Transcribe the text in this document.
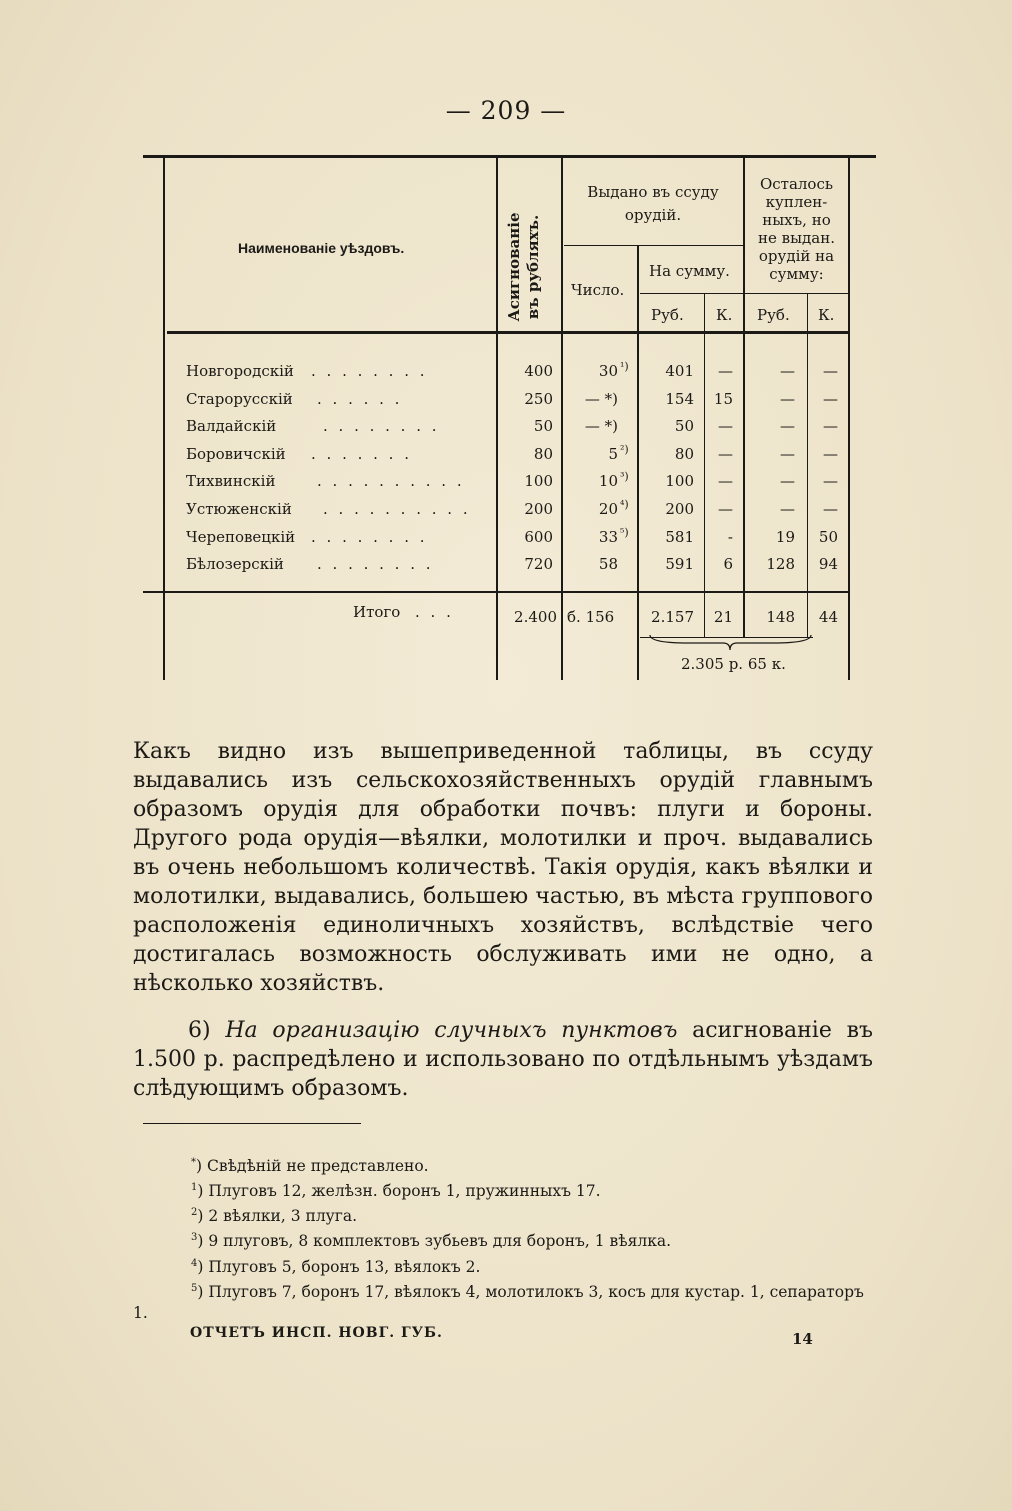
— 209 —
Наименованіе уѣздовъ.	Асигнованіе въ рубляхъ.
Выдано въ ссуду
орудій.
Число.
На сумму.
Осталось
куплен-
ныхъ, но
не выдан.
орудій на
сумму:
Руб. К. Руб. К.
Новгородскій . . . . . . . .	400	30 ¹)	401	—	—	—
Старорусскій . . . . . .	250	— *)	154	15	—	—
Валдайскій	. . . . . . . .	50	— *)	50	—	—	—
Боровичскій . . . . . . .	80	5 ²)	80	—	—	—
Тихвинскій	. . . . . . . . . .	100	10 ³)	100	—	—	—
Устюженскій . . . . . . . . . .	200	20 ⁴)	200	—	—	—
Череповецкій . . . . . . . .	600	33 ⁵)	581	-	19	50
Бѣлозерскій . . . . . . . .	720	58	591	6	128	94
Итого . . .	2.400 б. 156	2.157	21	148	44
2.305 р. 65 к.
Какъ видно изъ вышеприведенной таблицы, въ ссуду выдавались изъ сельскохозяйственныхъ орудій главнымъ образомъ орудія для обработки почвъ: плуги и бороны. Другого рода орудія—вѣялки, молотилки и проч. выдавались въ очень небольшомъ количествѣ. Такія орудія, какъ вѣялки и молотилки, выдавались, большею частью, въ мѣста группового расположенія единоличныхъ хозяйствъ, вслѣдствіе чего достигалась возможность обслуживать ими не одно, а нѣсколько хозяйствъ.
6) На организацію случныхъ пунктовъ асигнованіе въ 1.500 р. распредѣлено и использовано по отдѣльнымъ уѣздамъ слѣдующимъ образомъ.
*) Свѣдѣній не представлено.
$^1$) Плуговъ 12, желѣзн. боронъ 1, пружинныхъ 17.
$^2$) 2 вѣялки, 3 плуга.
$^3$) 9 плуговъ, 8 комплектовъ зубьевъ для боронъ, 1 вѣялка.
$^4$) Плуговъ 5, боронъ 13, вѣялокъ 2.
$^5$) Плуговъ 7, боронъ 17, вѣялокъ 4, молотилокъ 3, косъ для кустар. 1, сепараторъ 1.
ОТЧЕТЪ ИНСП. НОВГ. ГУБ.	14
